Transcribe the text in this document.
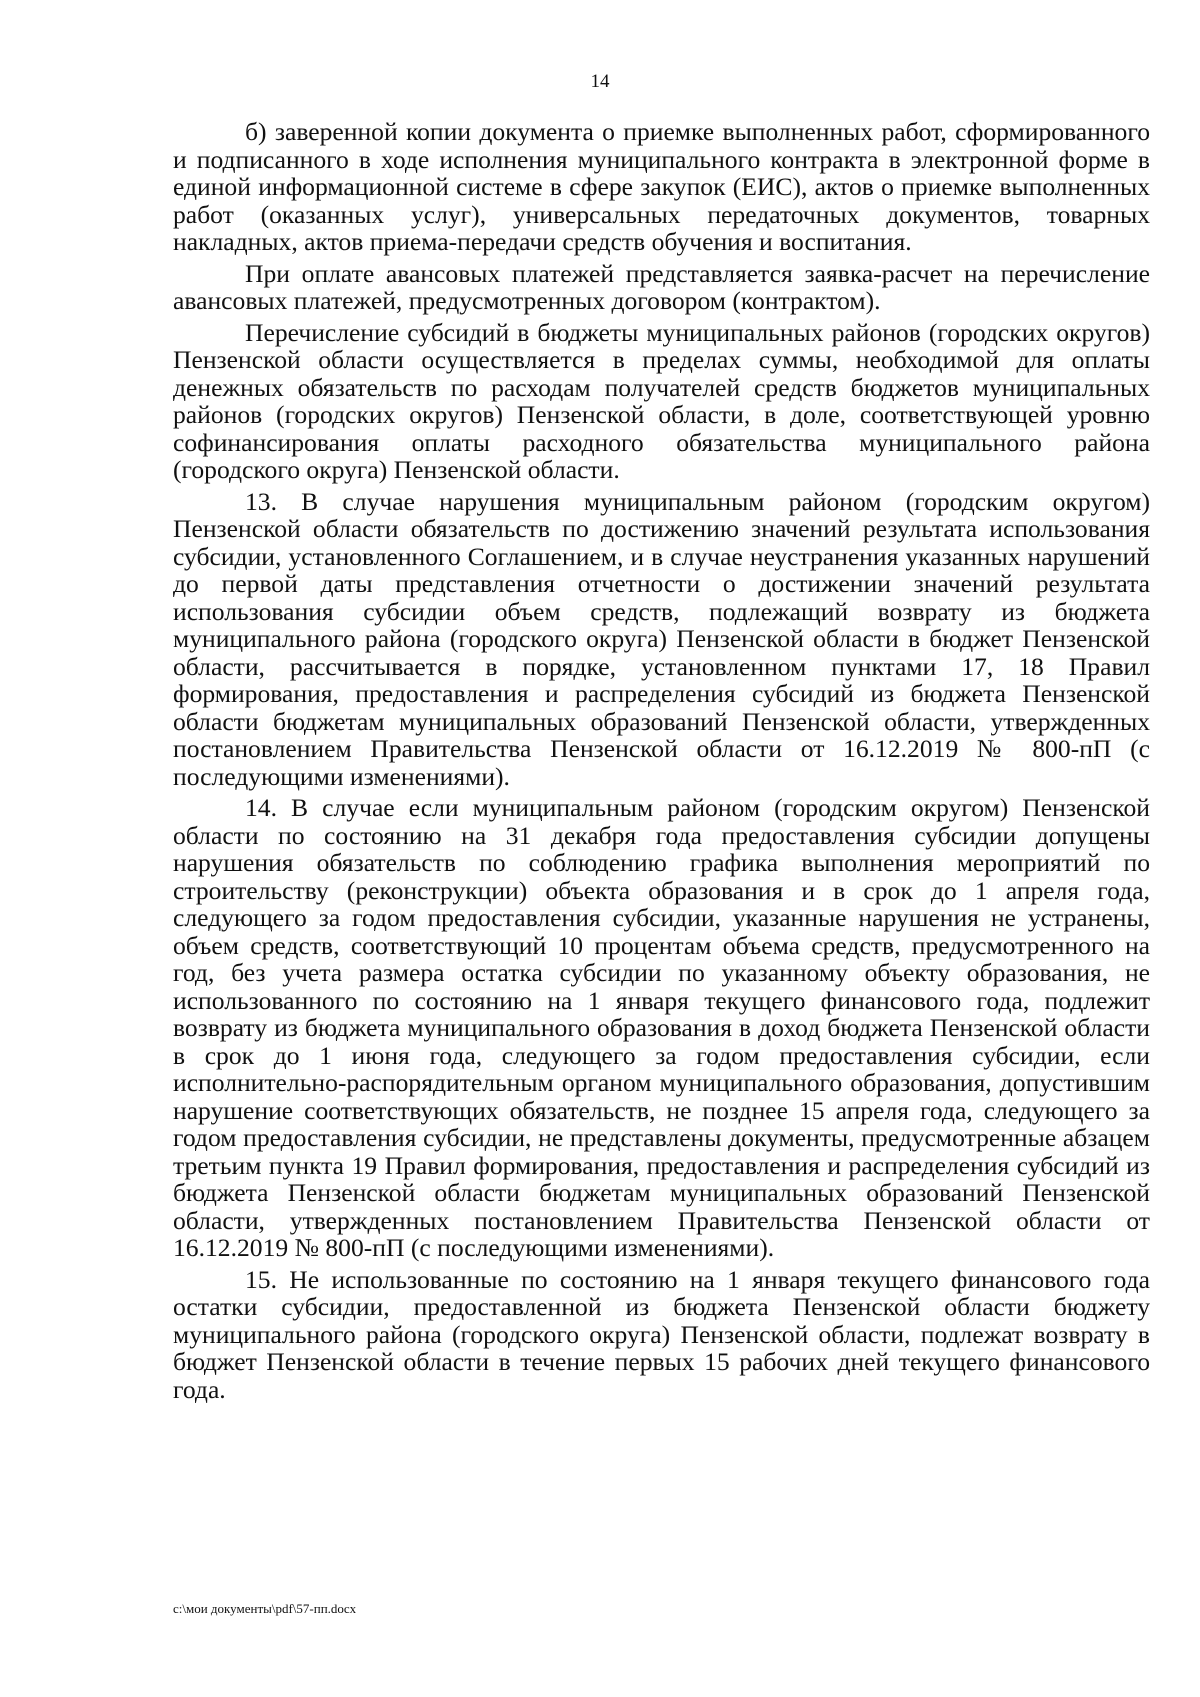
14

б) заверенной копии документа о приемке выполненных работ, сформированного и подписанного в ходе исполнения муниципального контракта в электронной форме в единой информационной системе в сфере закупок (ЕИС), актов о приемке выполненных работ (оказанных услуг), универсальных передаточных документов, товарных накладных, актов приема-передачи средств обучения и воспитания.

При оплате авансовых платежей представляется заявка-расчет на перечисление авансовых платежей, предусмотренных договором (контрактом).

Перечисление субсидий в бюджеты муниципальных районов (городских округов) Пензенской области осуществляется в пределах суммы, необходимой для оплаты денежных обязательств по расходам получателей средств бюджетов муниципальных районов (городских округов) Пензенской области, в доле, соответствующей уровню софинансирования оплаты расходного обязательства муниципального района (городского округа) Пензенской области.

13. В случае нарушения муниципальным районом (городским округом) Пензенской области обязательств по достижению значений результата использования субсидии, установленного Соглашением, и в случае неустранения указанных нарушений до первой даты представления отчетности о достижении значений результата использования субсидии объем средств, подлежащий возврату из бюджета муниципального района (городского округа) Пензенской области в бюджет Пензенской области, рассчитывается в порядке, установленном пунктами 17, 18 Правил формирования, предоставления и распределения субсидий из бюджета Пензенской области бюджетам муниципальных образований Пензенской области, утвержденных постановлением Правительства Пензенской области от 16.12.2019 № 800-пП (с последующими изменениями).

14. В случае если муниципальным районом (городским округом) Пензенской области по состоянию на 31 декабря года предоставления субсидии допущены нарушения обязательств по соблюдению графика выполнения мероприятий по строительству (реконструкции) объекта образования и в срок до 1 апреля года, следующего за годом предоставления субсидии, указанные нарушения не устранены, объем средств, соответствующий 10 процентам объема средств, предусмотренного на год, без учета размера остатка субсидии по указанному объекту образования, не использованного по состоянию на 1 января текущего финансового года, подлежит возврату из бюджета муниципального образования в доход бюджета Пензенской области в срок до 1 июня года, следующего за годом предоставления субсидии, если исполнительно-распорядительным органом муниципального образования, допустившим нарушение соответствующих обязательств, не позднее 15 апреля года, следующего за годом предоставления субсидии, не представлены документы, предусмотренные абзацем третьим пункта 19 Правил формирования, предоставления и распределения субсидий из бюджета Пензенской области бюджетам муниципальных образований Пензенской области, утвержденных постановлением Правительства Пензенской области от 16.12.2019 № 800-пП (с последующими изменениями).

15. Не использованные по состоянию на 1 января текущего финансового года остатки субсидии, предоставленной из бюджета Пензенской области бюджету муниципального района (городского округа) Пензенской области, подлежат возврату в бюджет Пензенской области в течение первых 15 рабочих дней текущего финансового года.

c:\мои документы\pdf\57-пп.docx
